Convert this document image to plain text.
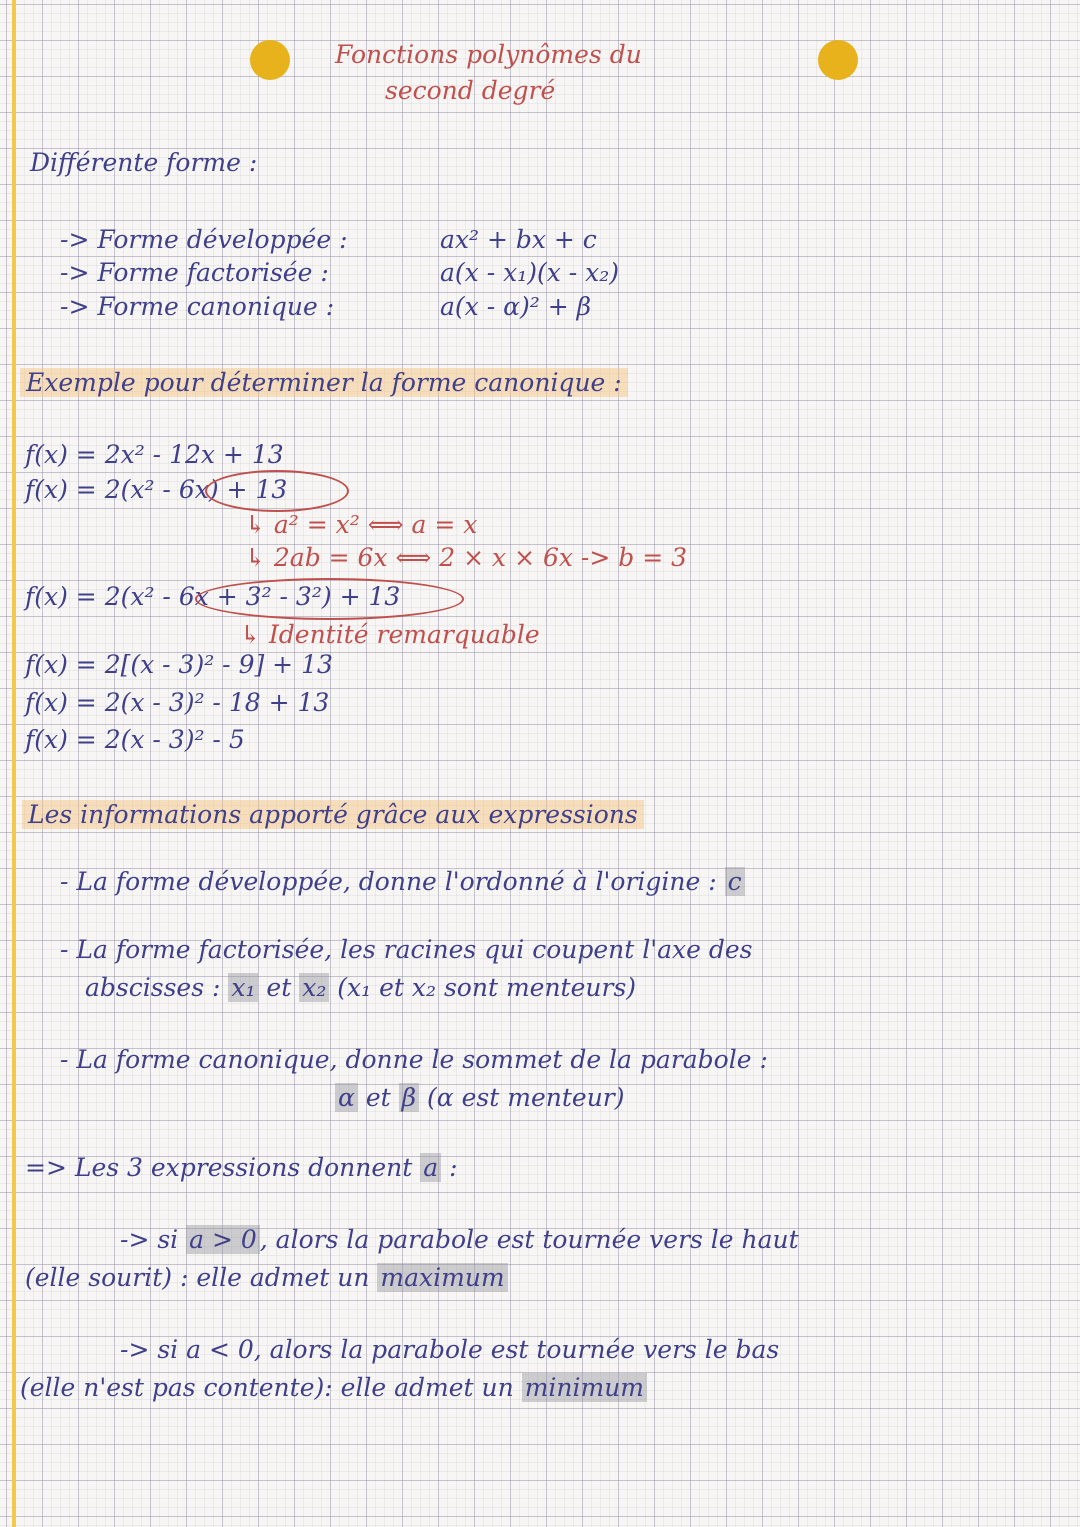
Fonctions polynômes du
second degré
Différente forme :
-> Forme développée :	ax² + bx + c
-> Forme factorisée :	a(x - x₁)(x - x₂)
-> Forme canonique :	a(x - α)² + β
Exemple pour déterminer la forme canonique :
f(x) = 2x² - 12x + 13
f(x) = 2(x² - 6x) + 13
↳ a² = x² ⟺ a = x
↳ 2ab = 6x ⟺ 2 × x × 6x -> b = 3
f(x) = 2(x² - 6x + 3² - 3²) + 13
↳ Identité remarquable
f(x) = 2[(x - 3)² - 9] + 13
f(x) = 2(x - 3)² - 18 + 13
f(x) = 2(x - 3)² - 5
Les informations apporté grâce aux expressions
- La forme développée, donne l'ordonné à l'origine : c
- La forme factorisée, les racines qui coupent l'axe des
abscisses : x₁ et x₂ (x₁ et x₂ sont menteurs)
- La forme canonique, donne le sommet de la parabole :
α et β (α est menteur)
=> Les 3 expressions donnent a :
-> si a > 0 , alors la parabole est tournée vers le haut
(elle sourit) : elle admet un maximum
-> si a < 0, alors la parabole est tournée vers le bas
(elle n'est pas contente): elle admet un minimum
